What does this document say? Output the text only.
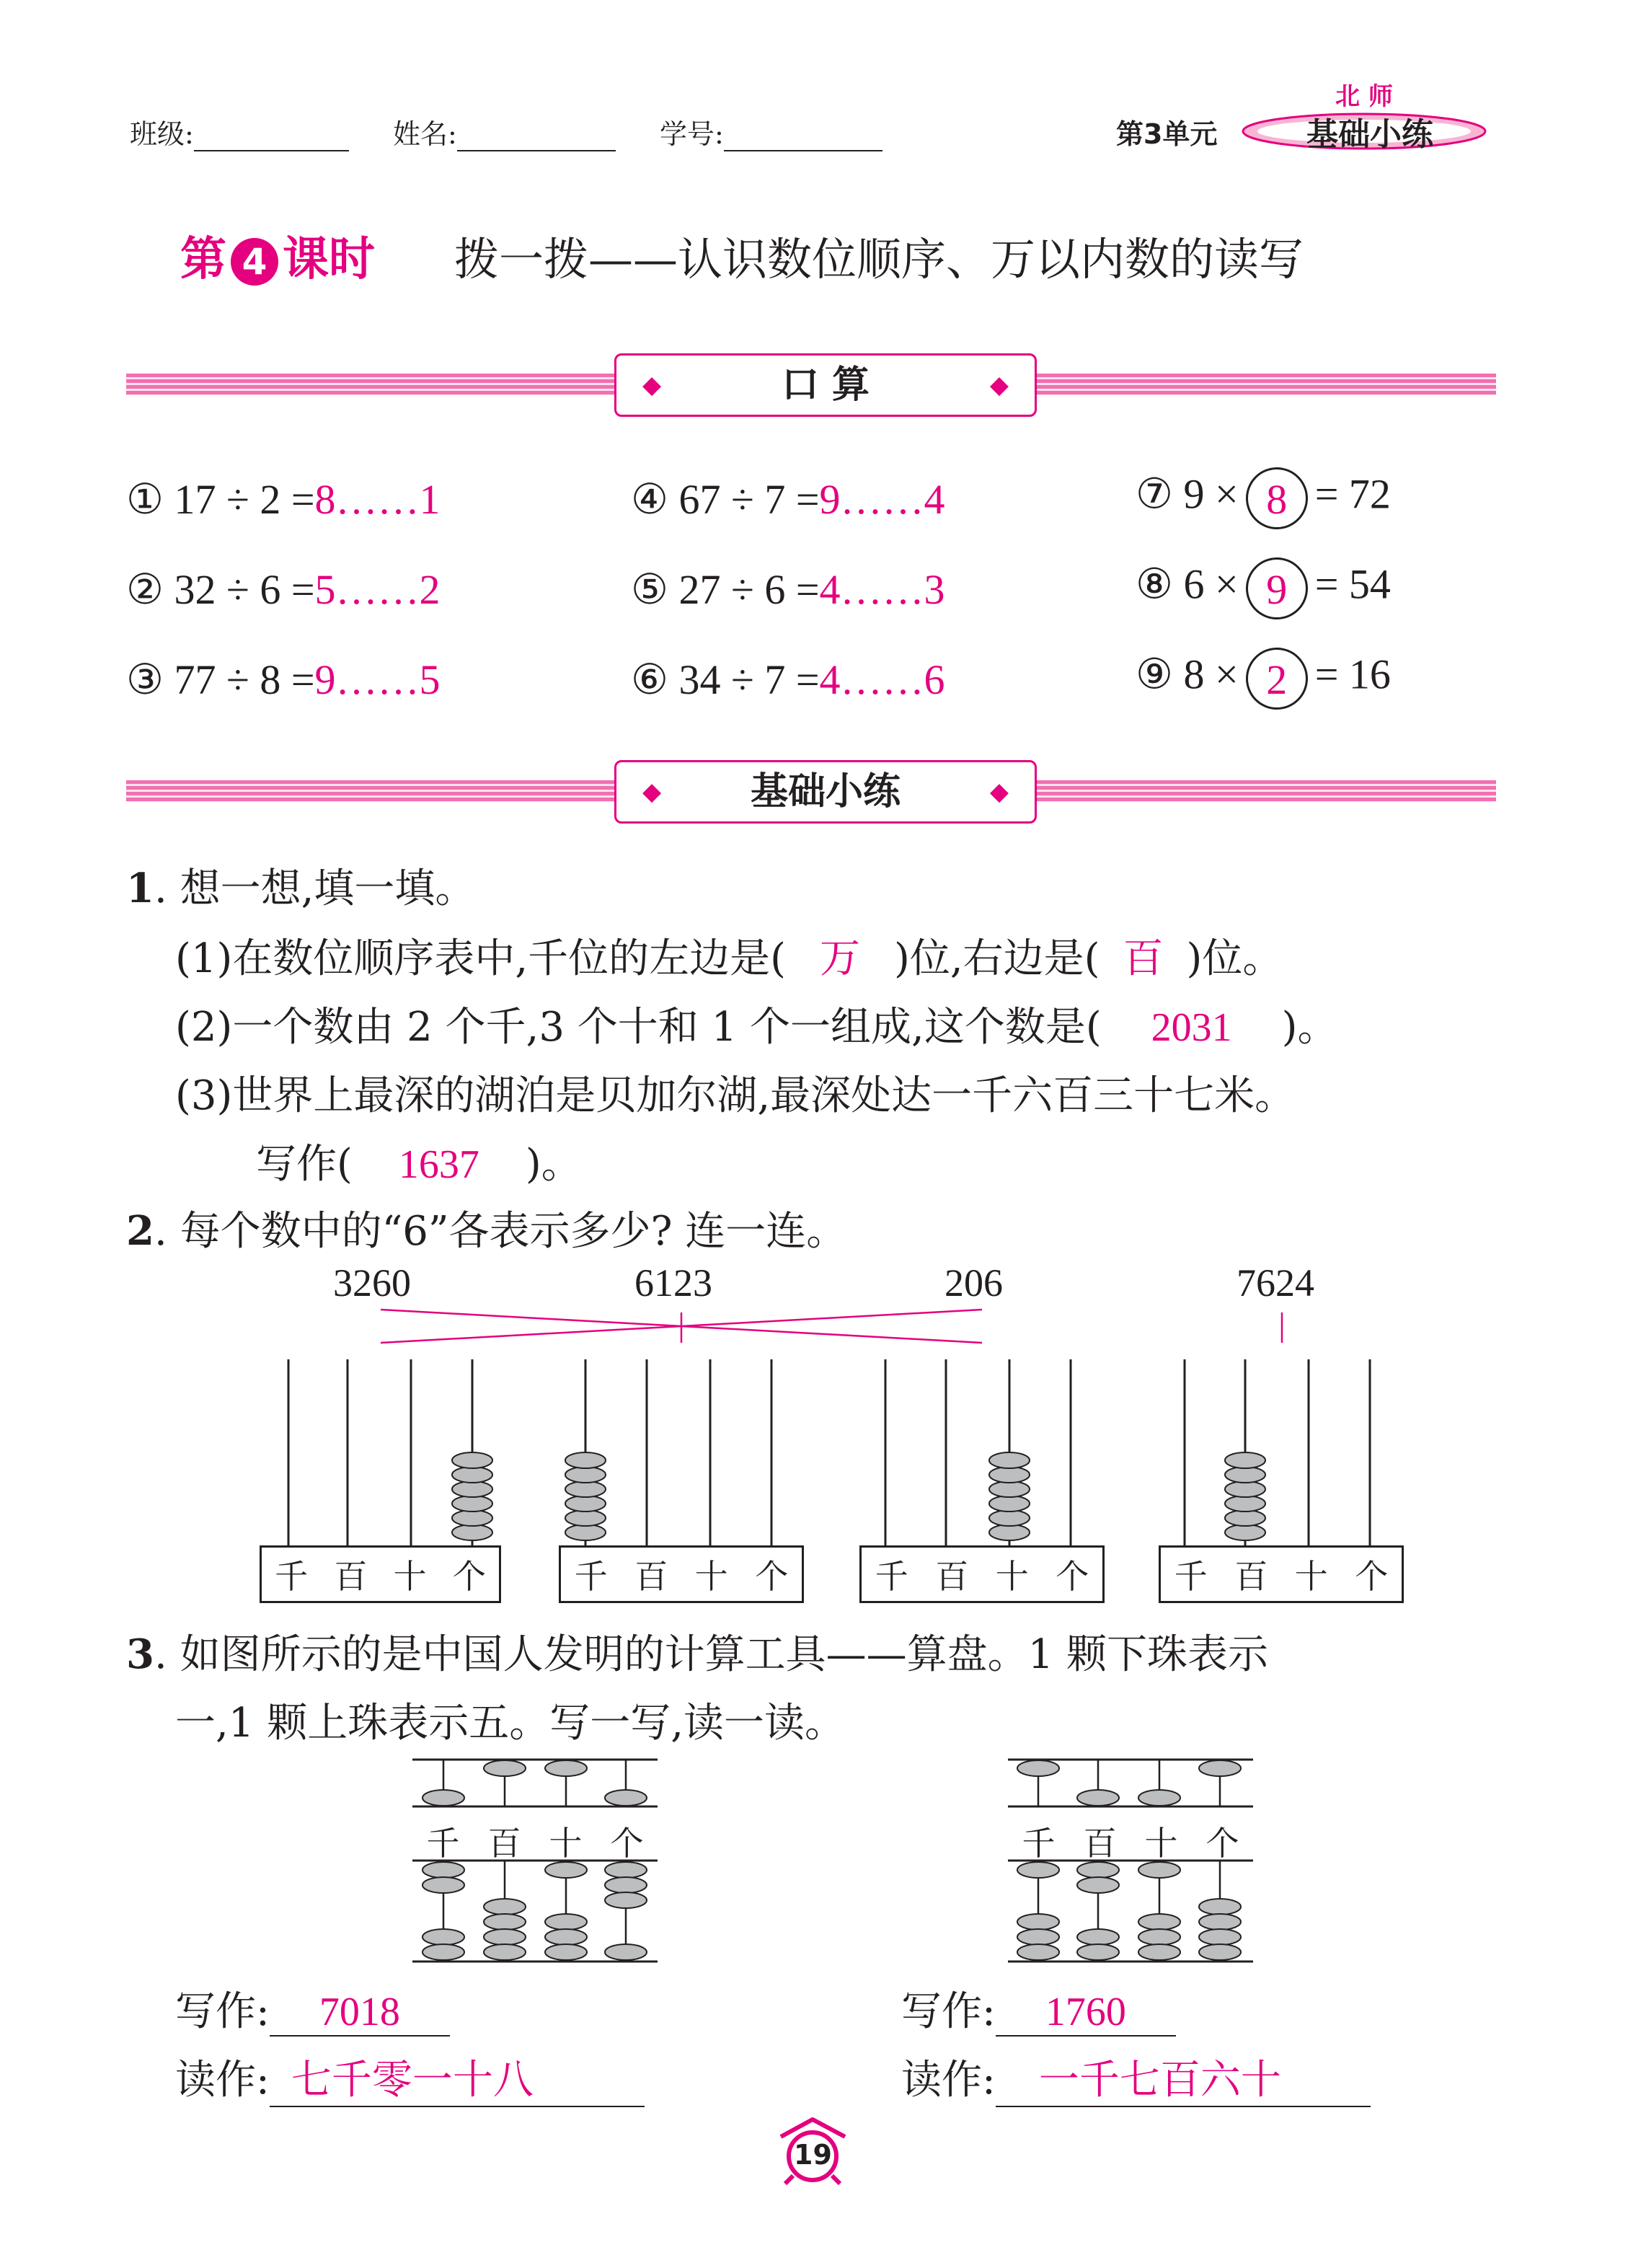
班级:	姓名:	学号:	第3单元
北 师
基础小练
第 4 课时 拨一拨——认识数位顺序、万以内数的读写
◆	口 算	◆
① 17 ÷ 2 =8……1
② 32 ÷ 6 =5……2
③ 77 ÷ 8 =9……5
④ 67 ÷ 7 =9……4
⑤ 27 ÷ 6 =4……3
⑥ 34 ÷ 7 =4……6
⑦ 9 × 8 = 72
⑧ 6 × 9 = 54
⑨ 8 × 2 = 16
◆ 基础小练	◆
1. 想一想,填一填。
(1)在数位顺序表中,千位的左边是( 万 )位,右边是( 百 )位。
(2)一个数由 2 个千,3 个十和 1 个一组成,这个数是( 2031 )。
(3)世界上最深的湖泊是贝加尔湖,最深处达一千六百三十七米。
写作( 1637 )。
2. 每个数中的“6”各表示多少? 连一连。
3260	6123	206	7624
千 百 十 个	千 百 十 个	千 百 十 个	千 百 十 个
3. 如图所示的是中国人发明的计算工具——算盘。1 颗下珠表示
一,1 颗上珠表示五。写一写,读一读。
千 百 十 个	千 百 十 个
写作: 7018
读作: 七千零一十八
写作: 1760
读作: 一千七百六十
19
